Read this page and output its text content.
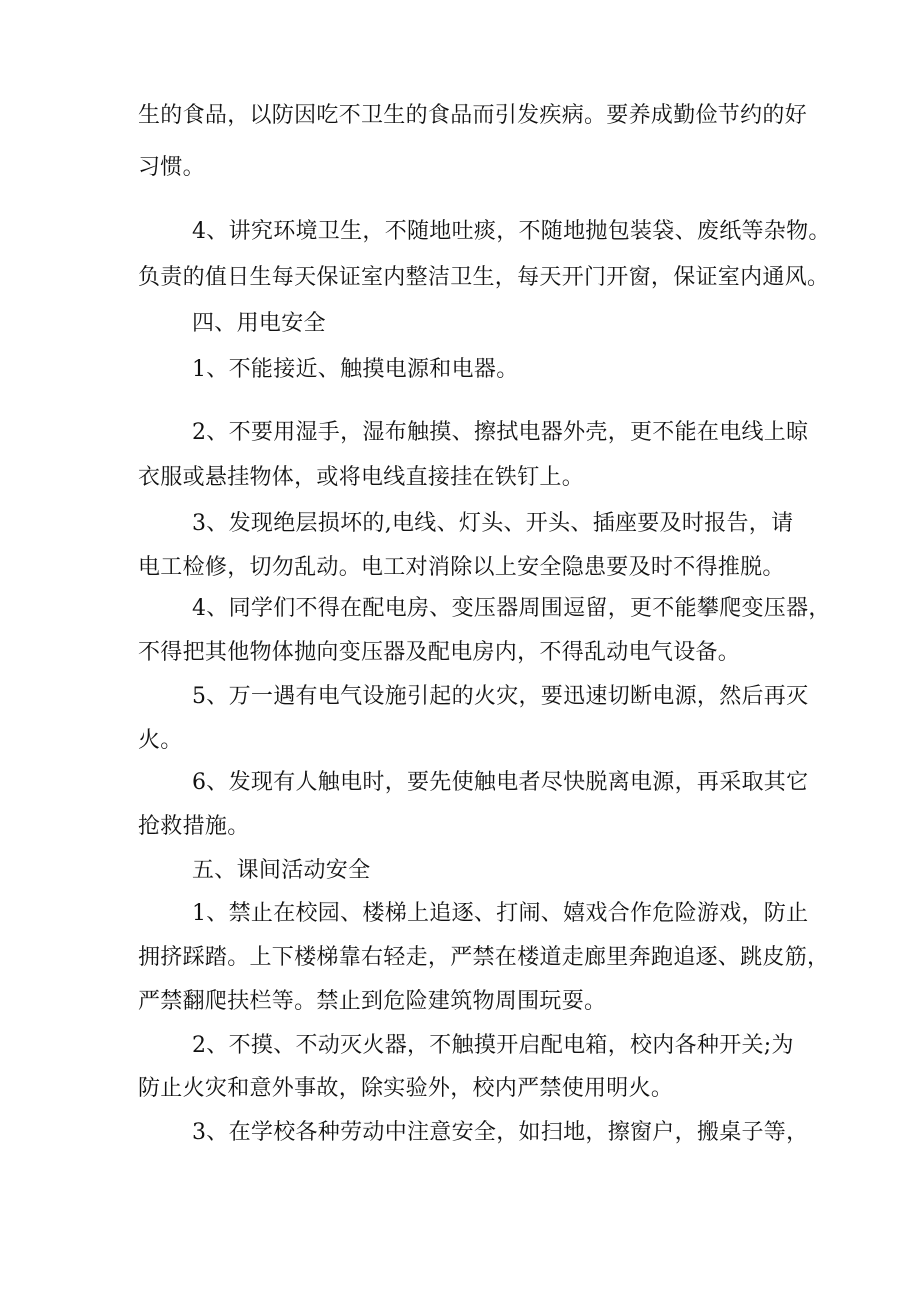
生的食品，以防因吃不卫生的食品而引发疾病。要养成勤俭节约的好
习惯。
4、讲究环境卫生，不随地吐痰，不随地抛包装袋、废纸等杂物。
负责的值日生每天保证室内整洁卫生，每天开门开窗，保证室内通风。
四、用电安全
1、不能接近、触摸电源和电器。
2、不要用湿手，湿布触摸、擦拭电器外壳，更不能在电线上晾
衣服或悬挂物体，或将电线直接挂在铁钉上。
3、发现绝层损坏的,电线、灯头、开头、插座要及时报告，请
电工检修，切勿乱动。电工对消除以上安全隐患要及时不得推脱。
4、同学们不得在配电房、变压器周围逗留，更不能攀爬变压器，
不得把其他物体抛向变压器及配电房内，不得乱动电气设备。
5、万一遇有电气设施引起的火灾，要迅速切断电源，然后再灭
火。
6、发现有人触电时，要先使触电者尽快脱离电源，再采取其它
抢救措施。
五、课间活动安全
1、禁止在校园、楼梯上追逐、打闹、嬉戏合作危险游戏，防止
拥挤踩踏。上下楼梯靠右轻走，严禁在楼道走廊里奔跑追逐、跳皮筋，
严禁翻爬扶栏等。禁止到危险建筑物周围玩耍。
2、不摸、不动灭火器，不触摸开启配电箱，校内各种开关;为
防止火灾和意外事故，除实验外，校内严禁使用明火。
3、在学校各种劳动中注意安全，如扫地，擦窗户，搬桌子等，
